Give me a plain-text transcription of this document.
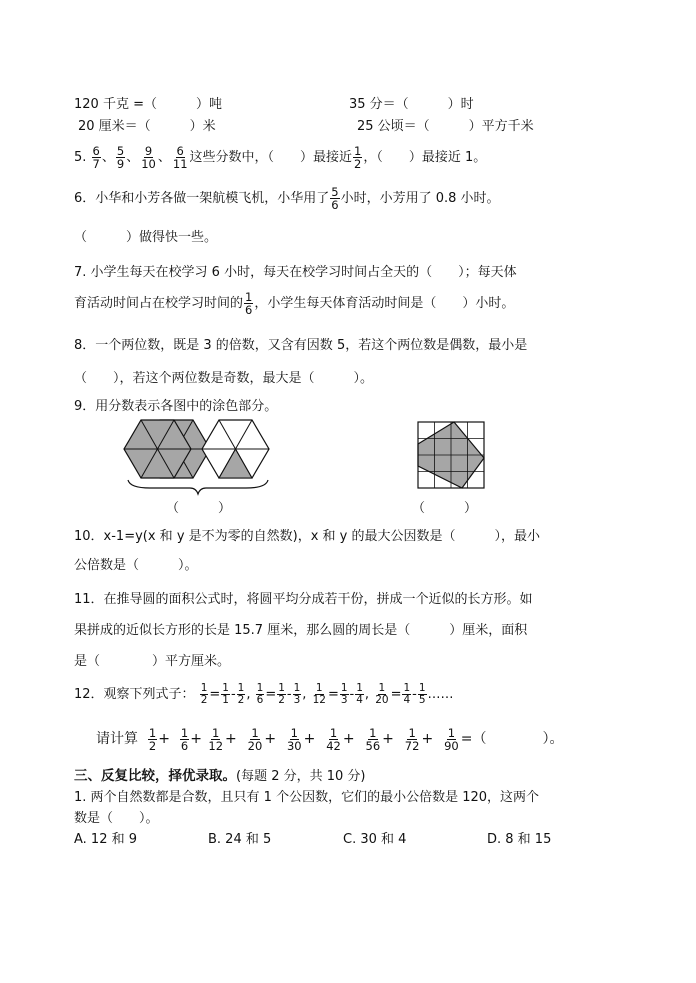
120 千克 =（　　　）吨	35 分＝（　　　）时
20 厘米＝（　　　）米	25 公顷＝（　　　）平方千米
5. $\frac{6}{7}$ 、 $\frac{5}{9}$ 、 $\frac{9}{10}$ 、 $\frac{6}{11}$ 这些分数中，（　　）最接近 $\frac{1}{2}$ ，（　　）最接近 1。
6．小华和小芳各做一架航模飞机，小华用了 $\frac{5}{6}$ 小时，小芳用了 0.8 小时。
（　　　）做得快一些。
7. 小学生每天在校学习 6 小时，每天在校学习时间占全天的（　　）；每天体
育活动时间占在校学习时间的 $\frac{1}{6}$ ，小学生每天体育活动时间是（　　）小时。
8．一个两位数，既是 3 的倍数，又含有因数 5，若这个两位数是偶数，最小是
（　　），若这个两位数是奇数，最大是（　　　）。
9．用分数表示各图中的涂色部分。
（　　　）	（　　　）
10．x-1=y(x 和 y 是不为零的自然数)，x 和 y 的最大公因数是（　　　），最小
公倍数是（　　　）。
11．在推导圆的面积公式时，将圆平均分成若干份，拼成一个近似的长方形。如
果拼成的近似长方形的长是 15.7 厘米，那么圆的周长是（　　　）厘米，面积
是（　　　　）平方厘米。
12．观察下列式子： $\frac{1}{2} = \frac{1}{1} - \frac{1}{2}$ , $\frac{1}{6} = \frac{1}{2} - \frac{1}{3}$ , $\frac{1}{12} = \frac{1}{3} - \frac{1}{4}$ , $\frac{1}{20} = \frac{1}{4} - \frac{1}{5}$ ……
请计算 $\frac{1}{2} + \frac{1}{6} + \frac{1}{12} + \frac{1}{20} + \frac{1}{30} + \frac{1}{42} + \frac{1}{56} + \frac{1}{72} + \frac{1}{90}$ =（　　　　）。
三、反复比较，择优录取。(每题 2 分，共 10 分)
1. 两个自然数都是合数，且只有 1 个公因数，它们的最小公倍数是 120，这两个
数是（　　）。
A. 12 和 9	B. 24 和 5	C. 30 和 4	D. 8 和 15
